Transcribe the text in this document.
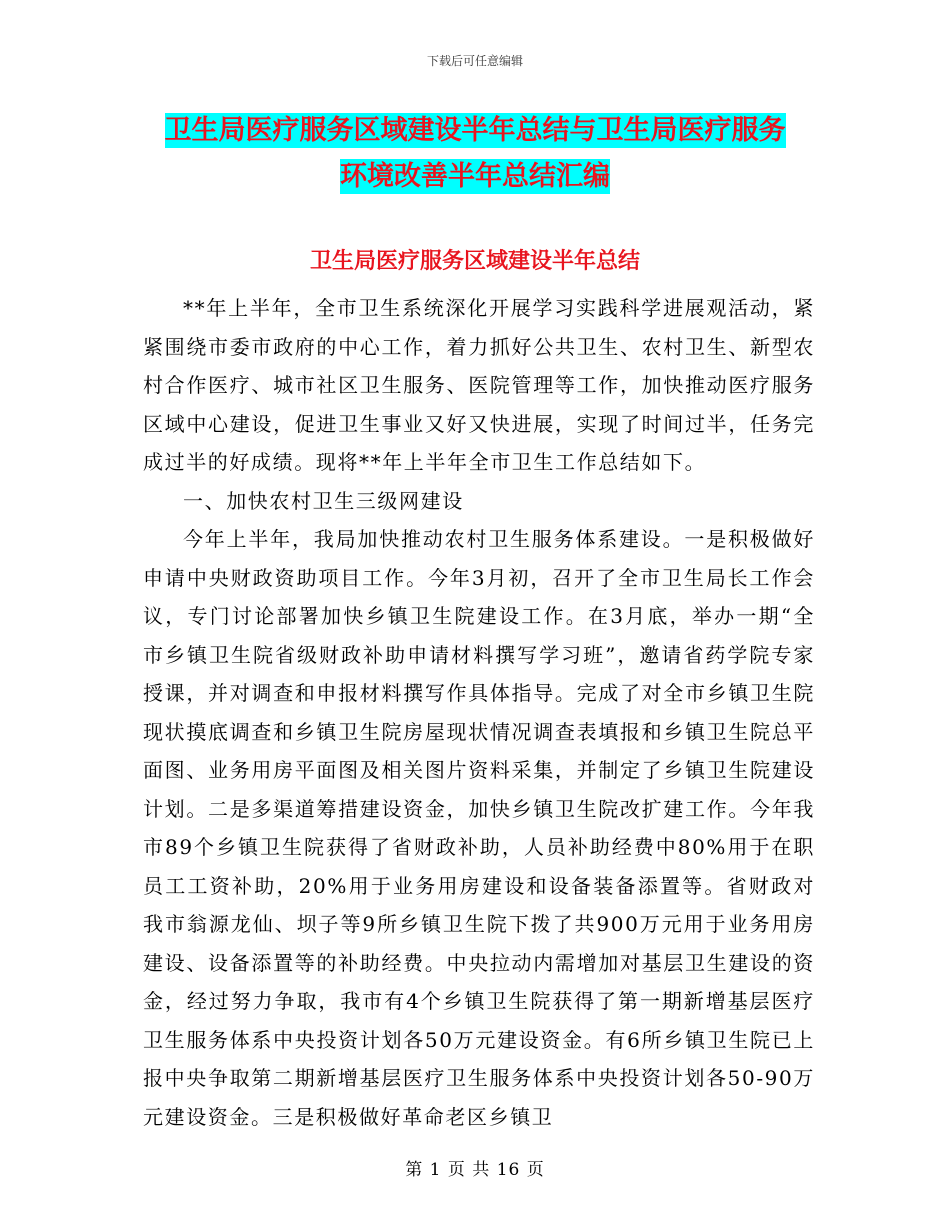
下载后可任意编辑
卫生局医疗服务区域建设半年总结与卫生局医疗服务
环境改善半年总结汇编
卫生局医疗服务区域建设半年总结

**年上半年，全市卫生系统深化开展学习实践科学进展观活动，紧紧围绕市委市政府的中心工作，着力抓好公共卫生、农村卫生、新型农村合作医疗、城市社区卫生服务、医院管理等工作，加快推动医疗服务区域中心建设，促进卫生事业又好又快进展，实现了时间过半，任务完成过半的好成绩。现将**年上半年全市卫生工作总结如下。

一、加快农村卫生三级网建设

今年上半年，我局加快推动农村卫生服务体系建设。一是积极做好申请中央财政资助项目工作。今年3月初，召开了全市卫生局长工作会议，专门讨论部署加快乡镇卫生院建设工作。在3月底，举办一期“全市乡镇卫生院省级财政补助申请材料撰写学习班”，邀请省药学院专家授课，并对调查和申报材料撰写作具体指导。完成了对全市乡镇卫生院现状摸底调查和乡镇卫生院房屋现状情况调查表填报和乡镇卫生院总平面图、业务用房平面图及相关图片资料采集，并制定了乡镇卫生院建设计划。二是多渠道筹措建设资金，加快乡镇卫生院改扩建工作。今年我市89个乡镇卫生院获得了省财政补助，人员补助经费中80%用于在职员工工资补助，20%用于业务用房建设和设备装备添置等。省财政对我市翁源龙仙、坝子等9所乡镇卫生院下拨了共900万元用于业务用房建设、设备添置等的补助经费。中央拉动内需增加对基层卫生建设的资金，经过努力争取，我市有4个乡镇卫生院获得了第一期新增基层医疗卫生服务体系中央投资计划各50万元建设资金。有6所乡镇卫生院已上报中央争取第二期新增基层医疗卫生服务体系中央投资计划各50-90万元建设资金。三是积极做好革命老区乡镇卫

第 1 页 共 16 页
